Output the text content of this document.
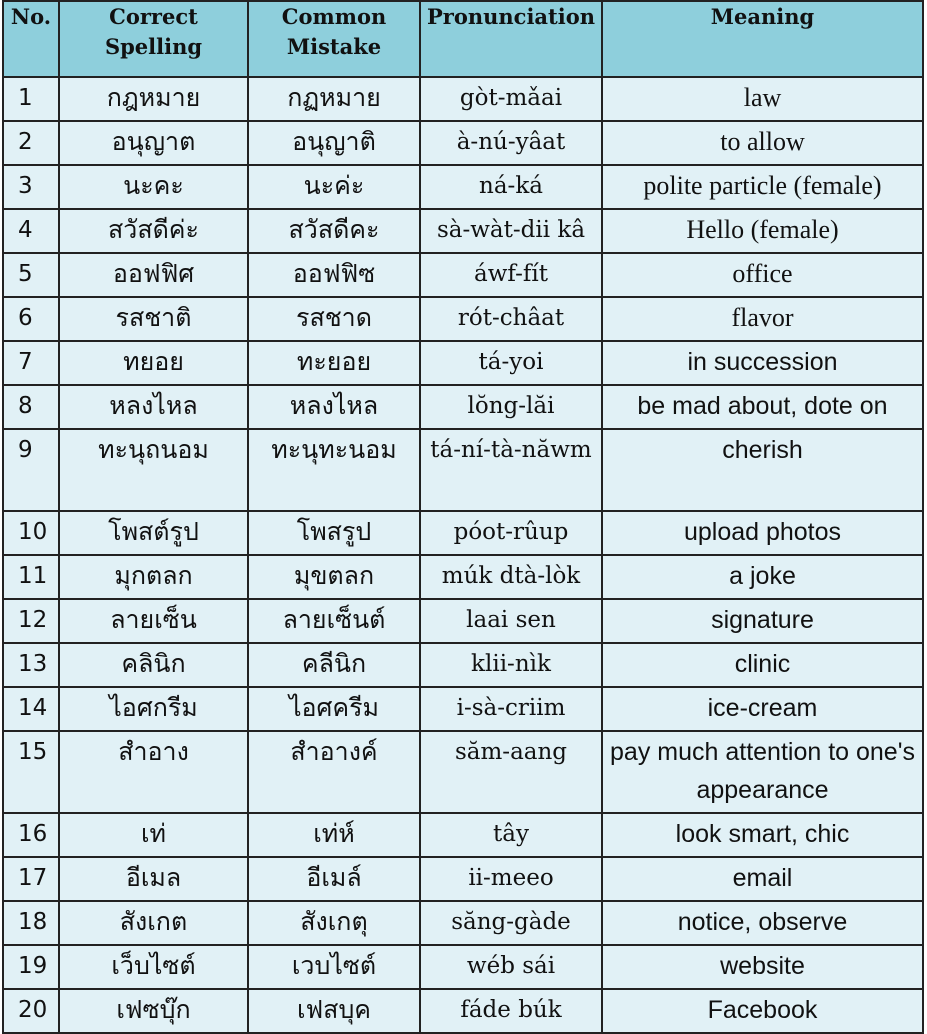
No.	Correct Spelling	Common Mistake	Pronunciation	Meaning
1	กฎหมาย	กฏหมาย	gòt-mǎai	law
2	อนุญาต	อนุญาติ	à-nú-yâat	to allow
3	นะคะ	นะค่ะ	ná-ká	polite particle (female)
4	สวัสดีค่ะ	สวัสดีคะ	sà-wàt-dii kâ	Hello (female)
5	ออฟฟิศ	ออฟฟิซ	áwf-fít	office
6	รสชาติ	รสชาด	rót-châat	flavor
7	ทยอย	ทะยอย	tá-yoi	in succession
8	หลงไหล	หลงไหล	lŏng-lăi	be mad about, dote on
9	ทะนุถนอม	ทะนุทะนอม	tá-ní-tà-năwm	cherish
10	โพสต์รูป	โพสรูป	póot-rûup	upload photos
11	มุกตลก	มุขตลก	múk dtà-lòk	a joke
12	ลายเซ็น	ลายเซ็นต์	laai sen	signature
13	คลินิก	คลีนิก	klii-nìk	clinic
14	ไอศกรีม	ไอศครีม	i-sà-criim	ice-cream
15	สำอาง	สำอางค์	săm-aang	pay much attention to one's appearance
16	เท่	เท่ห์	tây	look smart, chic
17	อีเมล	อีเมล์	ii-meeo	email
18	สังเกต	สังเกตุ	săng-gàde	notice, observe
19	เว็บไซต์	เวบไซต์	wéb sái	website
20	เฟซบุ๊ก	เฟสบุค	fáde búk	Facebook
